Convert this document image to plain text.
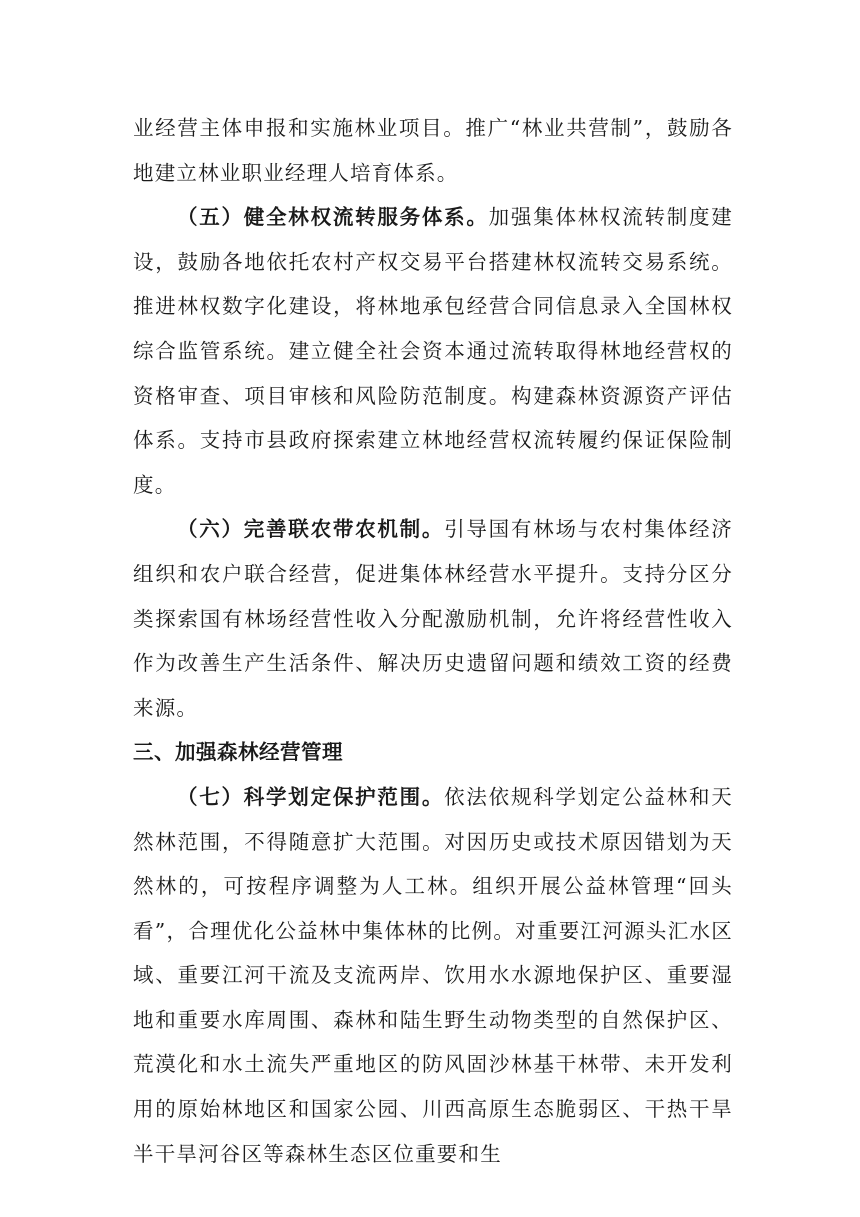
业经营主体申报和实施林业项目。推广“林业共营制”，鼓励各地建立林业职业经理人培育体系。

（五）健全林权流转服务体系。加强集体林权流转制度建设，鼓励各地依托农村产权交易平台搭建林权流转交易系统。推进林权数字化建设，将林地承包经营合同信息录入全国林权综合监管系统。建立健全社会资本通过流转取得林地经营权的资格审查、项目审核和风险防范制度。构建森林资源资产评估体系。支持市县政府探索建立林地经营权流转履约保证保险制度。

（六）完善联农带农机制。引导国有林场与农村集体经济组织和农户联合经营，促进集体林经营水平提升。支持分区分类探索国有林场经营性收入分配激励机制，允许将经营性收入作为改善生产生活条件、解决历史遗留问题和绩效工资的经费来源。

三、加强森林经营管理

（七）科学划定保护范围。依法依规科学划定公益林和天然林范围，不得随意扩大范围。对因历史或技术原因错划为天然林的，可按程序调整为人工林。组织开展公益林管理“回头看”，合理优化公益林中集体林的比例。对重要江河源头汇水区域、重要江河干流及支流两岸、饮用水水源地保护区、重要湿地和重要水库周围、森林和陆生野生动物类型的自然保护区、荒漠化和水土流失严重地区的防风固沙林基干林带、未开发利用的原始林地区和国家公园、川西高原生态脆弱区、干热干旱半干旱河谷区等森林生态区位重要和生
